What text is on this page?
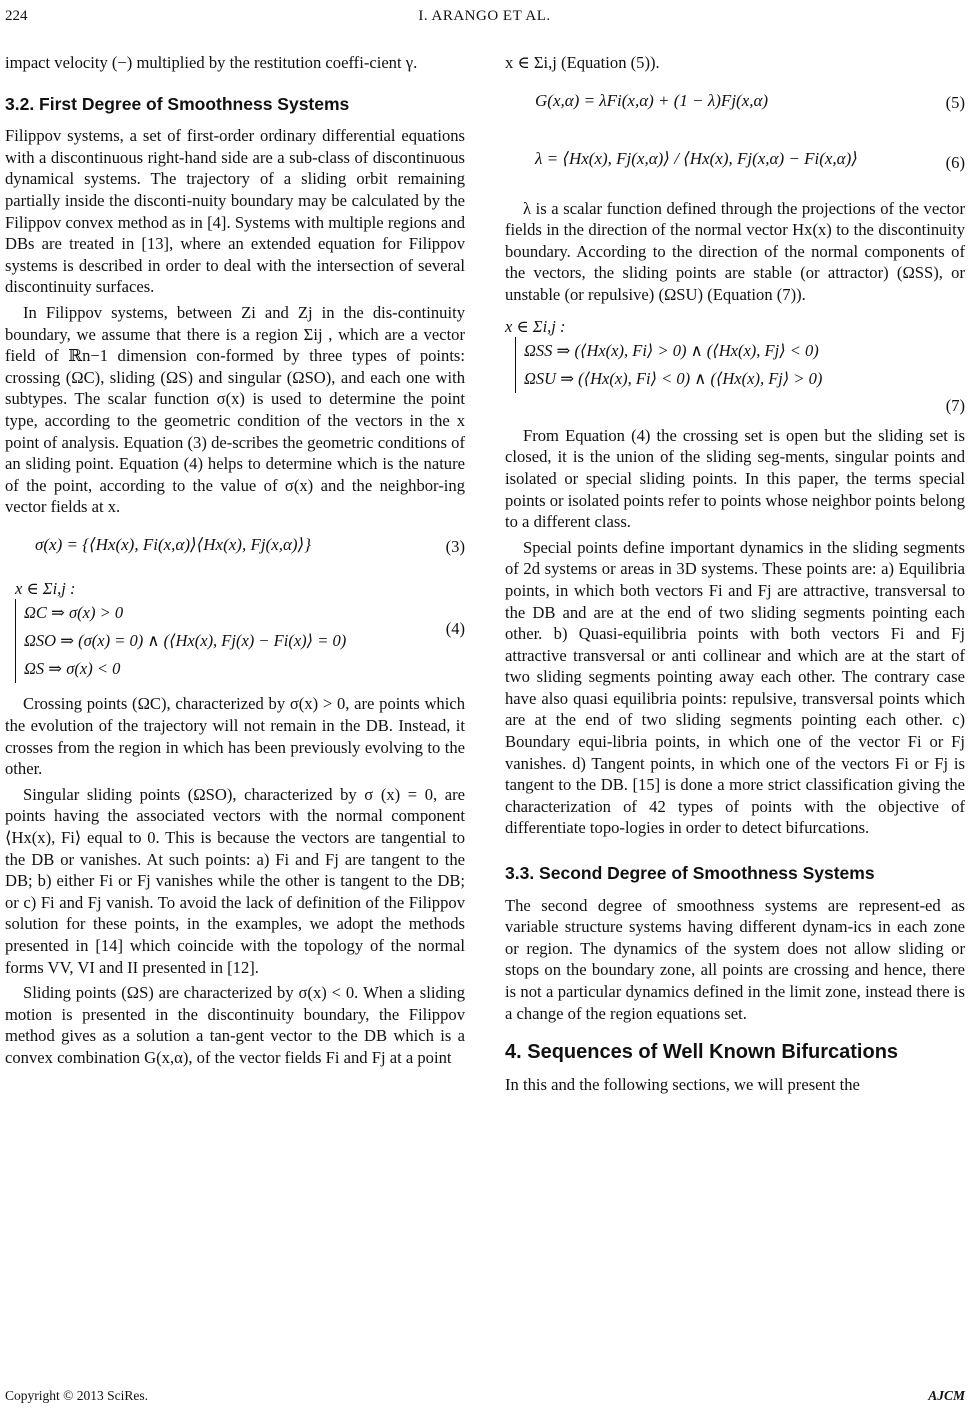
224	I. ARANGO ET AL.

impact velocity (−) multiplied by the restitution coeffi-cient γ.

3.2. First Degree of Smoothness Systems

Filippov systems, a set of first-order ordinary differential equations with a discontinuous right-hand side are a sub-class of discontinuous dynamical systems. The trajectory of a sliding orbit remaining partially inside the disconti-nuity boundary may be calculated by the Filippov convex method as in [4]. Systems with multiple regions and DBs are treated in [13], where an extended equation for Filippov systems is described in order to deal with the intersection of several discontinuity surfaces.

In Filippov systems, between Zi and Zj in the dis-continuity boundary, we assume that there is a region Σij , which are a vector field of ℝn−1 dimension con-formed by three types of points: crossing (ΩC), sliding (ΩS) and singular (ΩSO), and each one with subtypes. The scalar function σ(x) is used to determine the point type, according to the geometric condition of the vectors in the x point of analysis. Equation (3) de-scribes the geometric conditions of an sliding point. Equation (4) helps to determine which is the nature of the point, according to the value of σ(x) and the neighbor-ing vector fields at x.

σ(x) = {⟨Hx(x), Fi(x,α)⟩⟨Hx(x), Fj(x,α)⟩}	(3)
x ∈ Σi,j :
ΩC ⇒ σ(x) > 0
ΩSO ⇒ (σ(x) = 0) ∧ (⟨Hx(x), Fj(x) − Fi(x)⟩ = 0)
ΩS ⇒ σ(x) < 0
(4)

Crossing points (ΩC), characterized by σ(x) > 0, are points which the evolution of the trajectory will not remain in the DB. Instead, it crosses from the region in which has been previously evolving to the other.

Singular sliding points (ΩSO), characterized by σ (x) = 0, are points having the associated vectors with the normal component ⟨Hx(x), Fi⟩ equal to 0. This is because the vectors are tangential to the DB or vanishes. At such points: a) Fi and Fj are tangent to the DB; b) either Fi or Fj vanishes while the other is tangent to the DB; or c) Fi and Fj vanish. To avoid the lack of definition of the Filippov solution for these points, in the examples, we adopt the methods presented in [14] which coincide with the topology of the normal forms VV, VI and II presented in [12].

Sliding points (ΩS) are characterized by σ(x) < 0. When a sliding motion is presented in the discontinuity boundary, the Filippov method gives as a solution a tan-gent vector to the DB which is a convex combination G(x,α), of the vector fields Fi and Fj at a point

x ∈ Σi,j (Equation (5)).

G(x,α) = λFi(x,α) + (1 − λ)Fj(x,α)	(5)
λ = ⟨Hx(x), Fj(x,α)⟩ / ⟨Hx(x), Fj(x,α) − Fi(x,α)⟩	(6)

λ is a scalar function defined through the projections of the vector fields in the direction of the normal vector Hx(x) to the discontinuity boundary. According to the direction of the normal components of the vectors, the sliding points are stable (or attractor) (ΩSS), or unstable (or repulsive) (ΩSU) (Equation (7)).

x ∈ Σi,j :
ΩSS ⇒ (⟨Hx(x), Fi⟩ > 0) ∧ (⟨Hx(x), Fj⟩ < 0)
ΩSU ⇒ (⟨Hx(x), Fi⟩ < 0) ∧ (⟨Hx(x), Fj⟩ > 0)
(7)

From Equation (4) the crossing set is open but the sliding set is closed, it is the union of the sliding seg-ments, singular points and isolated or special sliding points. In this paper, the terms special points or isolated points refer to points whose neighbor points belong to a different class.

Special points define important dynamics in the sliding segments of 2d systems or areas in 3D systems. These points are: a) Equilibria points, in which both vectors Fi and Fj are attractive, transversal to the DB and are at the end of two sliding segments pointing each other. b) Quasi-equilibria points with both vectors Fi and Fj attractive transversal or anti collinear and which are at the start of two sliding segments pointing away each other. The contrary case have also quasi equilibria points: repulsive, transversal points which are at the end of two sliding segments pointing each other. c) Boundary equi-libria points, in which one of the vector Fi or Fj vanishes. d) Tangent points, in which one of the vectors Fi or Fj is tangent to the DB. [15] is done a more strict classification giving the characterization of 42 types of points with the objective of differentiate topo-logies in order to detect bifurcations.

3.3. Second Degree of Smoothness Systems

The second degree of smoothness systems are represent-ed as variable structure systems having different dynam-ics in each zone or region. The dynamics of the system does not allow sliding or stops on the boundary zone, all points are crossing and hence, there is not a particular dynamics defined in the limit zone, instead there is a change of the region equations set.

4. Sequences of Well Known Bifurcations

In this and the following sections, we will present the

Copyright © 2013 SciRes.	AJCM
